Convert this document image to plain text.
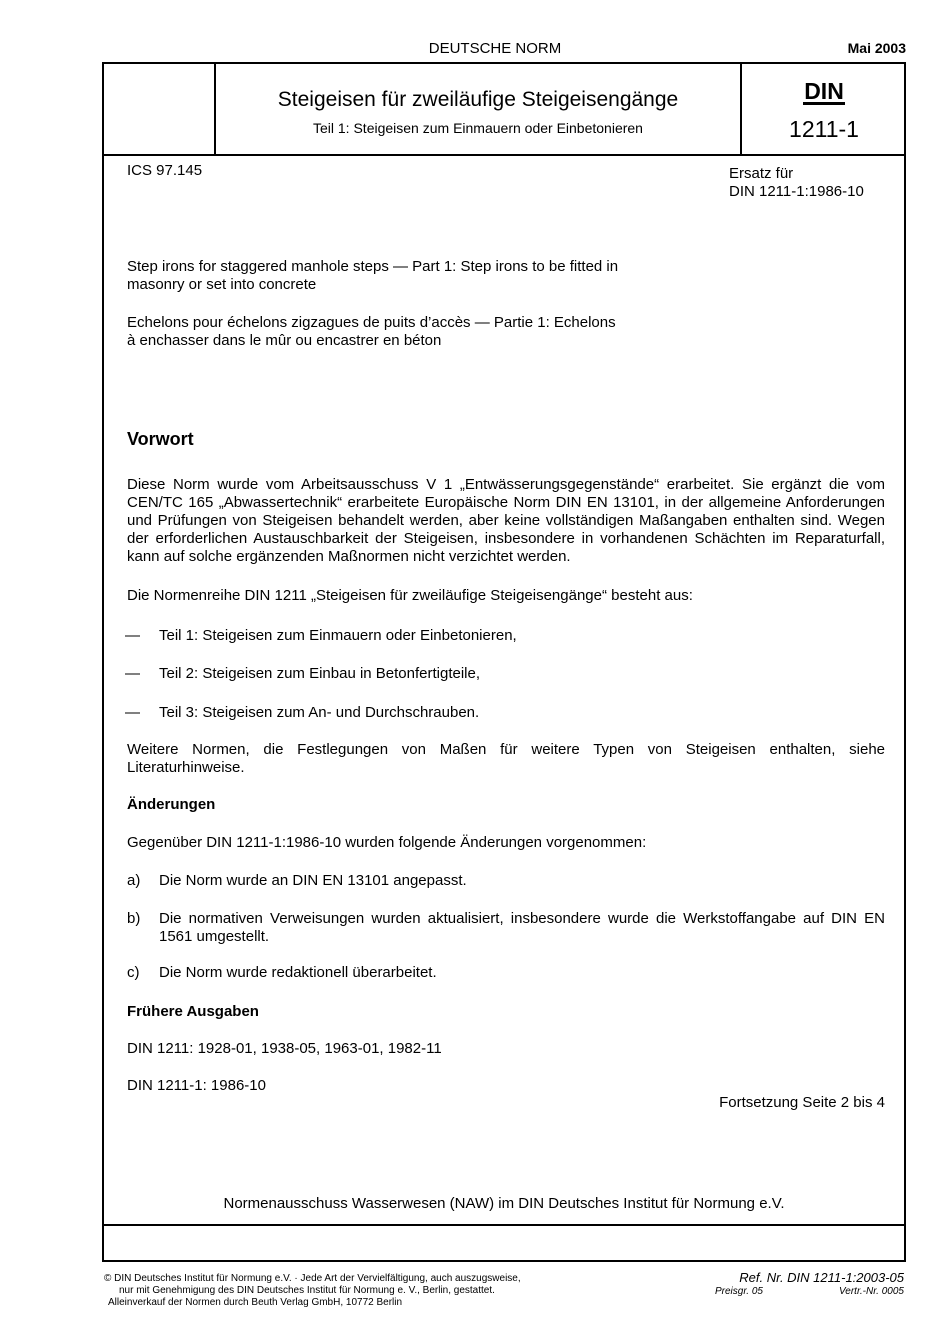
DEUTSCHE NORM	Mai 2003
Steigeisen für zweiläufige Steigeisengänge
Teil 1: Steigeisen zum Einmauern oder Einbetonieren
DIN
1211-1
ICS 97.145	Ersatz für
DIN 1211-1:1986-10
Step irons for staggered manhole steps — Part 1: Step irons to be fitted in
masonry or set into concrete
Echelons pour échelons zigzagues de puits d’accès — Partie 1: Echelons
à enchasser dans le mûr ou encastrer en béton
Vorwort
Diese Norm wurde vom Arbeitsausschuss V 1 „Entwässerungsgegenstände“ erarbeitet. Sie ergänzt die vom CEN/TC 165 „Abwassertechnik“ erarbeitete Europäische Norm DIN EN 13101, in der allgemeine Anforderungen und Prüfungen von Steigeisen behandelt werden, aber keine vollständigen Maßangaben enthalten sind. Wegen der erforderlichen Austauschbarkeit der Steigeisen, insbesondere in vorhandenen Schächten im Reparaturfall, kann auf solche ergänzenden Maßnormen nicht verzichtet werden.
Die Normenreihe DIN 1211 „Steigeisen für zweiläufige Steigeisengänge“ besteht aus:
— Teil 1: Steigeisen zum Einmauern oder Einbetonieren,
— Teil 2: Steigeisen zum Einbau in Betonfertigteile,
— Teil 3: Steigeisen zum An- und Durchschrauben.
Weitere Normen, die Festlegungen von Maßen für weitere Typen von Steigeisen enthalten, siehe Literaturhinweise.
Änderungen
Gegenüber DIN 1211-1:1986-10 wurden folgende Änderungen vorgenommen:
a) Die Norm wurde an DIN EN 13101 angepasst.
b) Die normativen Verweisungen wurden aktualisiert, insbesondere wurde die Werkstoffangabe auf DIN EN 1561 umgestellt.
c) Die Norm wurde redaktionell überarbeitet.
Frühere Ausgaben
DIN 1211: 1928-01, 1938-05, 1963-01, 1982-11
DIN 1211-1: 1986-10
Fortsetzung Seite 2 bis 4
Normenausschuss Wasserwesen (NAW) im DIN Deutsches Institut für Normung e.V.
© DIN Deutsches Institut für Normung e.V. · Jede Art der Vervielfältigung, auch auszugsweise,
nur mit Genehmigung des DIN Deutsches Institut für Normung e. V., Berlin, gestattet.
Alleinverkauf der Normen durch Beuth Verlag GmbH, 10772 Berlin
Ref. Nr. DIN 1211-1:2003-05
Preisgr. 05	Vertr.-Nr. 0005
